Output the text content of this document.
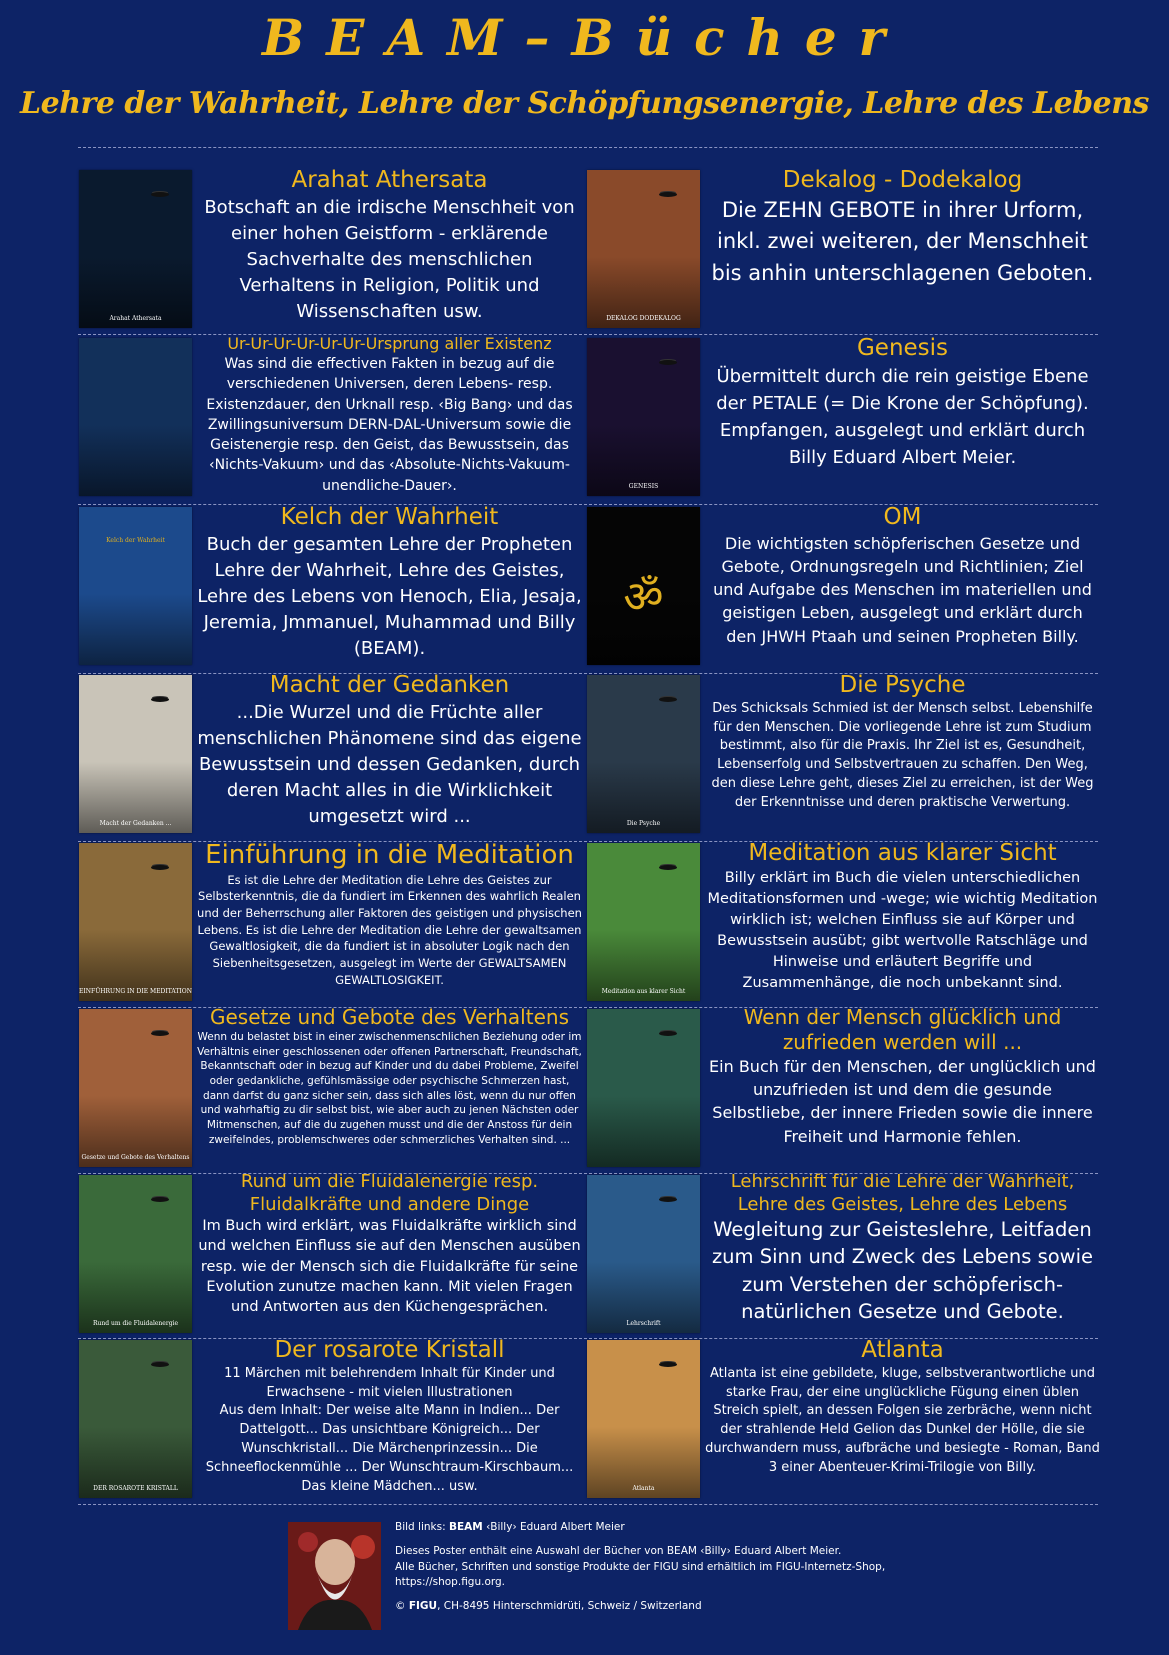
BEAM–Bücher
Lehre der Wahrheit, Lehre der Schöpfungsenergie, Lehre des Lebens
Arahat Athersata
Arahat Athersata
Botschaft an die irdische Menschheit von einer hohen Geistform - erklärende Sachverhalte des menschlichen Verhaltens in Religion, Politik und Wissenschaften usw.	DEKALOG DODEKALOG
Dekalog - Dodekalog
Die ZEHN GEBOTE in ihrer Urform, inkl. zwei weiteren, der Menschheit bis anhin unterschlagenen Geboten.
Ur-Ur-Ur-Ur-Ur-Ur-Ursprung aller Existenz
Was sind die effectiven Fakten in bezug auf die verschiedenen Universen, deren Lebens- resp. Existenzdauer, den Urknall resp. ‹Big Bang› und das Zwillingsuniversum DERN-DAL-Universum sowie die Geistenergie resp. den Geist, das Bewusstsein, das ‹Nichts-Vakuum› und das ‹Absolute-Nichts-Vakuum-unendliche-Dauer›.	GENESIS
Genesis
Übermittelt durch die rein geistige Ebene der PETALE (= Die Krone der Schöpfung). Empfangen, ausgelegt und erklärt durch Billy Eduard Albert Meier.
Kelch der Wahrheit
Kelch der Wahrheit
Buch der gesamten Lehre der Propheten Lehre der Wahrheit, Lehre des Geistes, Lehre des Lebens von Henoch, Elia, Jesaja, Jeremia, Jmmanuel, Muhammad und Billy (BEAM).
ॐ
OM
Die wichtigsten schöpferischen Gesetze und Gebote, Ordnungsregeln und Richtlinien; Ziel und Aufgabe des Menschen im materiellen und geistigen Leben, ausgelegt und erklärt durch den JHWH Ptaah und seinen Propheten Billy.
Macht der Gedanken ...
Macht der Gedanken
...Die Wurzel und die Früchte aller menschlichen Phänomene sind das eigene Bewusstsein und dessen Gedanken, durch deren Macht alles in die Wirklichkeit umgesetzt wird ...	Die Psyche
Die Psyche
Des Schicksals Schmied ist der Mensch selbst. Lebenshilfe für den Menschen. Die vorliegende Lehre ist zum Studium bestimmt, also für die Praxis. Ihr Ziel ist es, Gesundheit, Lebenserfolg und Selbstvertrauen zu schaffen. Den Weg, den diese Lehre geht, dieses Ziel zu erreichen, ist der Weg der Erkenntnisse und deren praktische Verwertung.
EINFÜHRUNG IN DIE MEDITATION
Einführung in die Meditation
Es ist die Lehre der Meditation die Lehre des Geistes zur Selbsterkenntnis, die da fundiert im Erkennen des wahrlich Realen und der Beherrschung aller Faktoren des geistigen und physischen Lebens. Es ist die Lehre der Meditation die Lehre der gewaltsamen Gewaltlosigkeit, die da fundiert ist in absoluter Logik nach den Siebenheitsgesetzen, ausgelegt im Werte der GEWALTSAMEN GEWALTLOSIGKEIT.
Meditation aus klarer Sicht
Meditation aus klarer Sicht
Billy erklärt im Buch die vielen unterschiedlichen Meditationsformen und -wege; wie wichtig Meditation wirklich ist; welchen Einfluss sie auf Körper und Bewusstsein ausübt; gibt wertvolle Ratschläge und Hinweise und erläutert Begriffe und Zusammenhänge, die noch unbekannt sind.
Gesetze und Gebote des Verhaltens
Gesetze und Gebote des Verhaltens
Wenn du belastet bist in einer zwischenmenschlichen Beziehung oder im Verhältnis einer geschlossenen oder offenen Partnerschaft, Freundschaft, Bekanntschaft oder in bezug auf Kinder und du dabei Probleme, Zweifel oder gedankliche, gefühlsmässige oder psychische Schmerzen hast, dann darfst du ganz sicher sein, dass sich alles löst, wenn du nur offen und wahrhaftig zu dir selbst bist, wie aber auch zu jenen Nächsten oder Mitmenschen, auf die du zugehen musst und die der Anstoss für dein zweifelndes, problemschweres oder schmerzliches Verhalten sind. ...
Wenn der Mensch glücklich und zufrieden werden will ...
Ein Buch für den Menschen, der unglücklich und unzufrieden ist und dem die gesunde Selbstliebe, der innere Frieden sowie die innere Freiheit und Harmonie fehlen.
Rund um die Fluidalenergie
Rund um die Fluidalenergie resp. Fluidalkräfte und andere Dinge
Im Buch wird erklärt, was Fluidalkräfte wirklich sind und welchen Einfluss sie auf den Menschen ausüben resp. wie der Mensch sich die Fluidalkräfte für seine Evolution zunutze machen kann. Mit vielen Fragen und Antworten aus den Küchengesprächen.
Lehrschrift
Lehrschrift für die Lehre der Wahrheit, Lehre des Geistes, Lehre des Lebens
Wegleitung zur Geisteslehre, Leitfaden zum Sinn und Zweck des Lebens sowie zum Verstehen der schöpferisch-natürlichen Gesetze und Gebote.
DER ROSAROTE KRISTALL
Der rosarote Kristall
11 Märchen mit belehrendem Inhalt für Kinder und Erwachsene - mit vielen Illustrationen
Aus dem Inhalt: Der weise alte Mann in Indien... Der Dattelgott... Das unsichtbare Königreich... Der Wunschkristall... Die Märchenprinzessin... Die Schneeflockenmühle ... Der Wunschtraum-Kirschbaum... Das kleine Mädchen... usw.	Atlanta
Atlanta
Atlanta ist eine gebildete, kluge, selbstverantwortliche und starke Frau, der eine unglückliche Fügung einen üblen Streich spielt, an dessen Folgen sie zerbräche, wenn nicht der strahlende Held Gelion das Dunkel der Hölle, die sie durchwandern muss, aufbräche und besiegte - Roman, Band 3 einer Abenteuer-Krimi-Trilogie von Billy.

Bild links: BEAM ‹Billy› Eduard Albert Meier

Dieses Poster enthält eine Auswahl der Bücher von BEAM ‹Billy› Eduard Albert Meier.

Alle Bücher, Schriften und sonstige Produkte der FIGU sind erhältlich im FIGU-Internetz-Shop,

https://shop.figu.org.

© FIGU, CH-8495 Hinterschmidrüti, Schweiz / Switzerland
